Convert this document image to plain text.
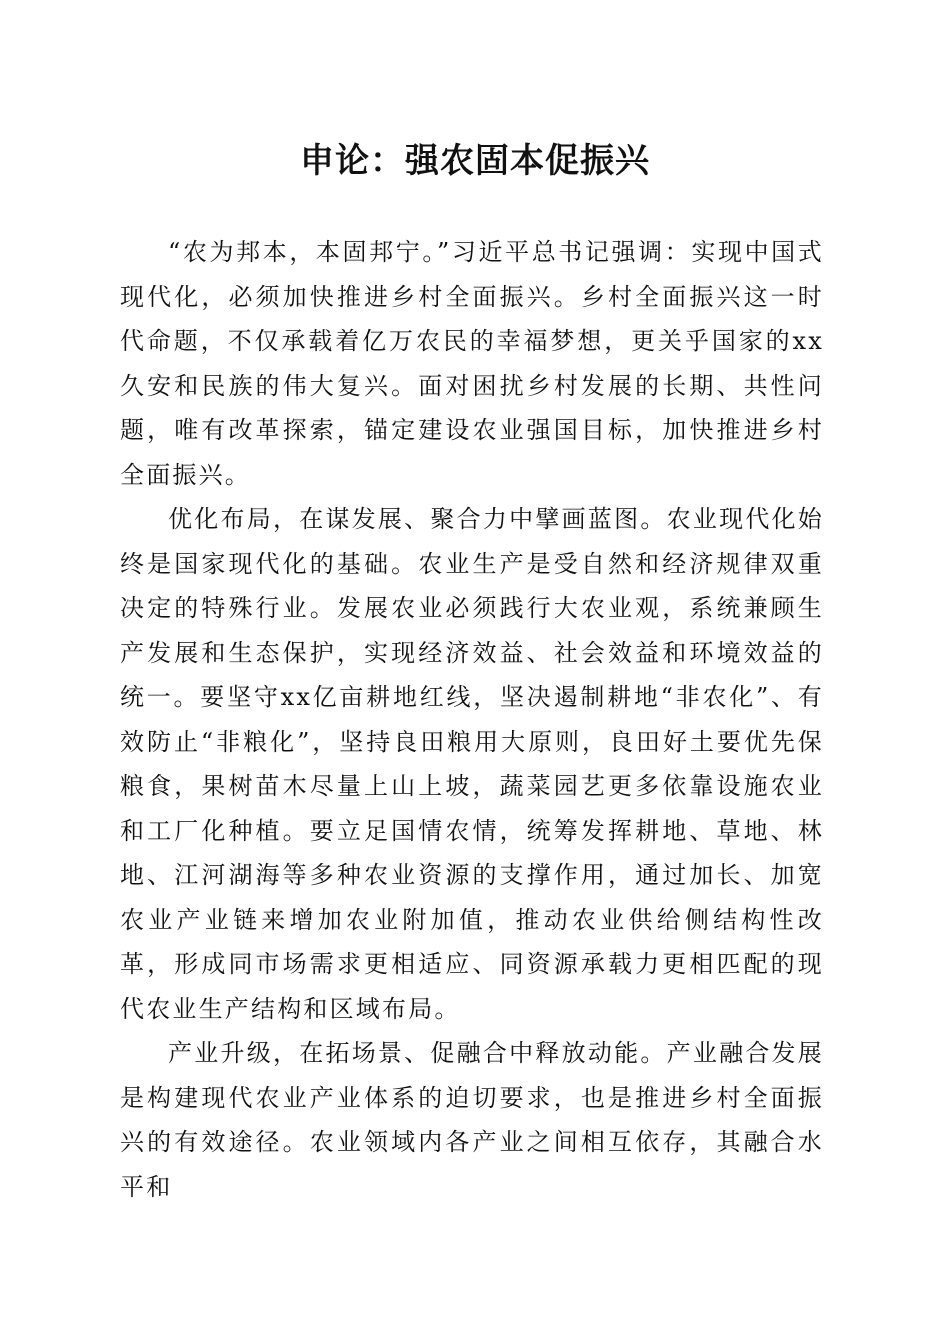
申论：强农固本促振兴

“农为邦本，本固邦宁。”习近平总书记强调：实现中国式现代化，必须加快推进乡村全面振兴。乡村全面振兴这一时代命题，不仅承载着亿万农民的幸福梦想，更关乎国家的xx久安和民族的伟大复兴。面对困扰乡村发展的长期、共性问题，唯有改革探索，锚定建设农业强国目标，加快推进乡村全面振兴。

优化布局，在谋发展、聚合力中擘画蓝图。农业现代化始终是国家现代化的基础。农业生产是受自然和经济规律双重决定的特殊行业。发展农业必须践行大农业观，系统兼顾生产发展和生态保护，实现经济效益、社会效益和环境效益的统一。要坚守xx亿亩耕地红线，坚决遏制耕地“非农化”、有效防止“非粮化”，坚持良田粮用大原则，良田好土要优先保粮食，果树苗木尽量上山上坡，蔬菜园艺更多依靠设施农业和工厂化种植。要立足国情农情，统筹发挥耕地、草地、林地、江河湖海等多种农业资源的支撑作用，通过加长、加宽农业产业链来增加农业附加值，推动农业供给侧结构性改革，形成同市场需求更相适应、同资源承载力更相匹配的现代农业生产结构和区域布局。

产业升级，在拓场景、促融合中释放动能。产业融合发展是构建现代农业产业体系的迫切要求，也是推进乡村全面振兴的有效途径。农业领域内各产业之间相互依存，其融合水平和
